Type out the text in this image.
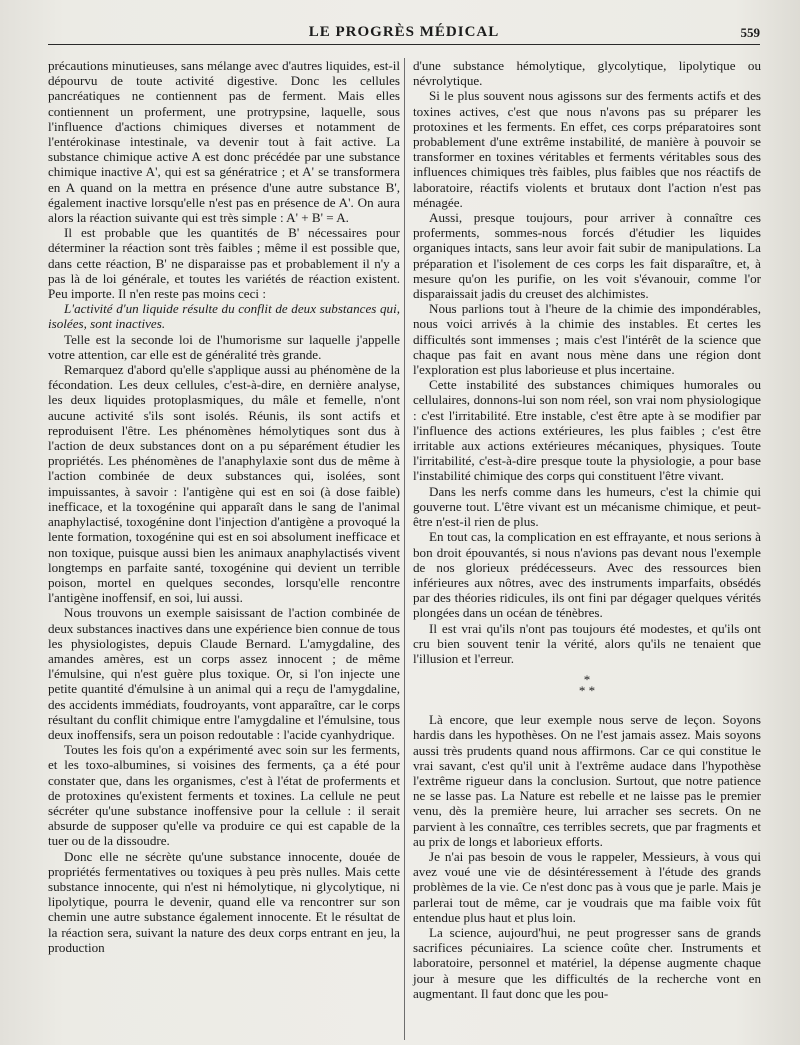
LE PROGRÈS MÉDICAL	559

précautions minutieuses, sans mélange avec d'autres liquides, est-il dépourvu de toute activité digestive. Donc les cellules pancréatiques ne contiennent pas de ferment. Mais elles contiennent un proferment, une protrypsine, laquelle, sous l'influence d'actions chimiques diverses et notamment de l'entérokinase intestinale, va devenir tout à fait active. La substance chimique active A est donc précédée par une substance chimique inactive A', qui est sa génératrice ; et A' se transformera en A quand on la mettra en présence d'une autre substance B', également inactive lorsqu'elle n'est pas en présence de A'. On aura alors la réaction suivante qui est très simple : A' + B' = A.

Il est probable que les quantités de B' nécessaires pour déterminer la réaction sont très faibles ; même il est possible que, dans cette réaction, B' ne disparaisse pas et probablement il n'y a pas là de loi générale, et toutes les variétés de réaction existent. Peu importe. Il n'en reste pas moins ceci :

L'activité d'un liquide résulte du conflit de deux substances qui, isolées, sont inactives.

Telle est la seconde loi de l'humorisme sur laquelle j'appelle votre attention, car elle est de généralité très grande.

Remarquez d'abord qu'elle s'applique aussi au phénomène de la fécondation. Les deux cellules, c'est-à-dire, en dernière analyse, les deux liquides protoplasmiques, du mâle et femelle, n'ont aucune activité s'ils sont isolés. Réunis, ils sont actifs et reproduisent l'être. Les phénomènes hémolytiques sont dus à l'action de deux substances dont on a pu séparément étudier les propriétés. Les phénomènes de l'anaphylaxie sont dus de même à l'action combinée de deux substances qui, isolées, sont impuissantes, à savoir : l'antigène qui est en soi (à dose faible) inefficace, et la toxogénine qui apparaît dans le sang de l'animal anaphylactisé, toxogénine dont l'injection d'antigène a provoqué la lente formation, toxogénine qui est en soi absolument inefficace et non toxique, puisque aussi bien les animaux anaphylactisés vivent longtemps en parfaite santé, toxogénine qui devient un terrible poison, mortel en quelques secondes, lorsqu'elle rencontre l'antigène inoffensif, en soi, lui aussi.

Nous trouvons un exemple saisissant de l'action combinée de deux substances inactives dans une expérience bien connue de tous les physiologistes, depuis Claude Bernard. L'amygdaline, des amandes amères, est un corps assez innocent ; de même l'émulsine, qui n'est guère plus toxique. Or, si l'on injecte une petite quantité d'émulsine à un animal qui a reçu de l'amygdaline, des accidents immédiats, foudroyants, vont apparaître, car le corps résultant du conflit chimique entre l'amygdaline et l'émulsine, tous deux inoffensifs, sera un poison redoutable : l'acide cyanhydrique.

Toutes les fois qu'on a expérimenté avec soin sur les ferments, et les toxo-albumines, si voisines des ferments, ça a été pour constater que, dans les organismes, c'est à l'état de proferments et de protoxines qu'existent ferments et toxines. La cellule ne peut sécréter qu'une substance inoffensive pour la cellule : il serait absurde de supposer qu'elle va produire ce qui est capable de la tuer ou de la dissoudre.

Donc elle ne sécrète qu'une substance innocente, douée de propriétés fermentatives ou toxiques à peu près nulles. Mais cette substance innocente, qui n'est ni hémolytique, ni glycolytique, ni lipolytique, pourra le devenir, quand elle va rencontrer sur son chemin une autre substance également innocente. Et le résultat de la réaction sera, suivant la nature des deux corps entrant en jeu, la production

d'une substance hémolytique, glycolytique, lipolytique ou névrolytique.

Si le plus souvent nous agissons sur des ferments actifs et des toxines actives, c'est que nous n'avons pas su préparer les protoxines et les ferments. En effet, ces corps préparatoires sont probablement d'une extrême instabilité, de manière à pouvoir se transformer en toxines véritables et ferments véritables sous des influences chimiques très faibles, plus faibles que nos réactifs de laboratoire, réactifs violents et brutaux dont l'action n'est pas ménagée.

Aussi, presque toujours, pour arriver à connaître ces proferments, sommes-nous forcés d'étudier les liquides organiques intacts, sans leur avoir fait subir de manipulations. La préparation et l'isolement de ces corps les fait disparaître, et, à mesure qu'on les purifie, on les voit s'évanouir, comme l'or disparaissait jadis du creuset des alchimistes.

Nous parlions tout à l'heure de la chimie des impondérables, nous voici arrivés à la chimie des instables. Et certes les difficultés sont immenses ; mais c'est l'intérêt de la science que chaque pas fait en avant nous mène dans une région dont l'exploration est plus laborieuse et plus incertaine.

Cette instabilité des substances chimiques humorales ou cellulaires, donnons-lui son nom réel, son vrai nom physiologique : c'est l'irritabilité. Etre instable, c'est être apte à se modifier par l'influence des actions extérieures, les plus faibles ; c'est être irritable aux actions extérieures mécaniques, physiques. Toute l'irritabilité, c'est-à-dire presque toute la physiologie, a pour base l'instabilité chimique des corps qui constituent l'être vivant.

Dans les nerfs comme dans les humeurs, c'est la chimie qui gouverne tout. L'être vivant est un mécanisme chimique, et peut-être n'est-il rien de plus.

En tout cas, la complication en est effrayante, et nous serions à bon droit épouvantés, si nous n'avions pas devant nous l'exemple de nos glorieux prédécesseurs. Avec des ressources bien inférieures aux nôtres, avec des instruments imparfaits, obsédés par des théories ridicules, ils ont fini par dégager quelques vérités plongées dans un océan de ténèbres.

Il est vrai qu'ils n'ont pas toujours été modestes, et qu'ils ont cru bien souvent tenir la vérité, alors qu'ils ne tenaient que l'illusion et l'erreur.

*
* *

Là encore, que leur exemple nous serve de leçon. Soyons hardis dans les hypothèses. On ne l'est jamais assez. Mais soyons aussi très prudents quand nous affirmons. Car ce qui constitue le vrai savant, c'est qu'il unit à l'extrême audace dans l'hypothèse l'extrême rigueur dans la conclusion. Surtout, que notre patience ne se lasse pas. La Nature est rebelle et ne laisse pas le premier venu, dès la première heure, lui arracher ses secrets. On ne parvient à les connaître, ces terribles secrets, que par fragments et au prix de longs et laborieux efforts.

Je n'ai pas besoin de vous le rappeler, Messieurs, à vous qui avez voué une vie de désintéressement à l'étude des grands problèmes de la vie. Ce n'est donc pas à vous que je parle. Mais je parlerai tout de même, car je voudrais que ma faible voix fût entendue plus haut et plus loin.

La science, aujourd'hui, ne peut progresser sans de grands sacrifices pécuniaires. La science coûte cher. Instruments et laboratoire, personnel et matériel, la dépense augmente chaque jour à mesure que les difficultés de la recherche vont en augmentant. Il faut donc que les pou-
